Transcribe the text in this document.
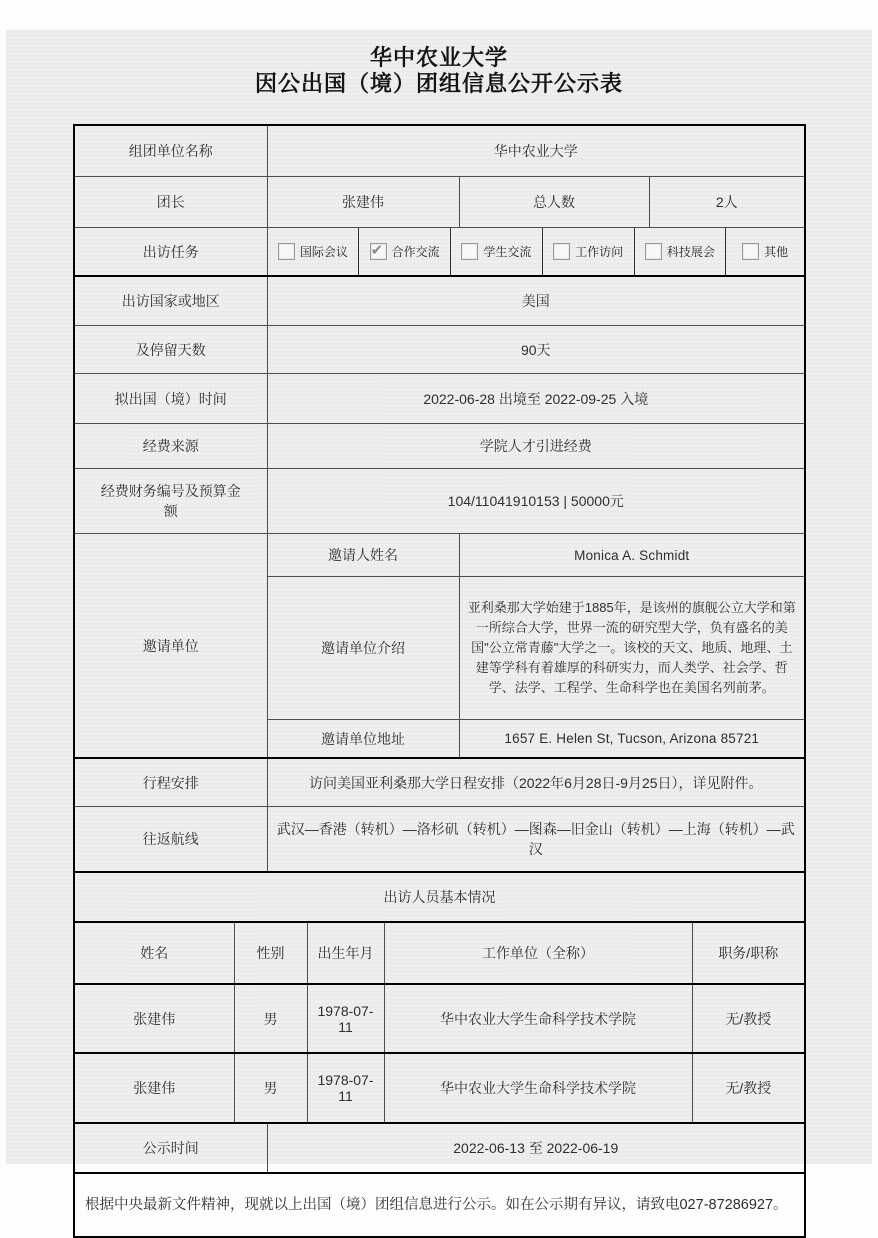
华中农业大学
因公出国（境）团组信息公开公示表
组团单位名称		华中农业大学					
团长		张建伟			总人数	2人	
出访任务	国际会议 ✔ 合作交流	学生交流	工作访问	科技展会	其他

出访国家或地区		美国					
及停留天数		90天					
拟出国（境）时间		2022-06-28 出境至 2022-09-25 入境					
经费来源		学院人才引进经费					
经费财务编号及预算金额		104/11041910153 | 50000元					
邀请单位		邀请人姓名			Monica A. Schmidt		
		邀请单位介绍			亚利桑那大学始建于1885年，是该州的旗舰公立大学和第一所综合大学，世界一流的研究型大学，负有盛名的美国"公立常青藤"大学之一。该校的天文、地质、地理、土建等学科有着雄厚的科研实力，而人类学、社会学、哲学、法学、工程学、生命科学也在美国名列前茅。		
		邀请单位地址			1657 E. Helen St, Tucson, Arizona 85721		
行程安排		访问美国亚利桑那大学日程安排（2022年6月28日-9月25日），详见附件。					
往返航线		武汉—香港（转机）—洛杉矶（转机）—图森—旧金山（转机）—上海（转机）—武汉					
出访人员基本情况							
姓名	性别		出生年月	工作单位（全称）			职务/职称
张建伟	男		1978-07-11	华中农业大学生命科学技术学院			无/教授
张建伟	男		1978-07-11	华中农业大学生命科学技术学院			无/教授
公示时间		2022-06-13 至 2022-06-19					
根据中央最新文件精神，现就以上出国（境）团组信息进行公示。如在公示期有异议，请致电027-87286927。							
